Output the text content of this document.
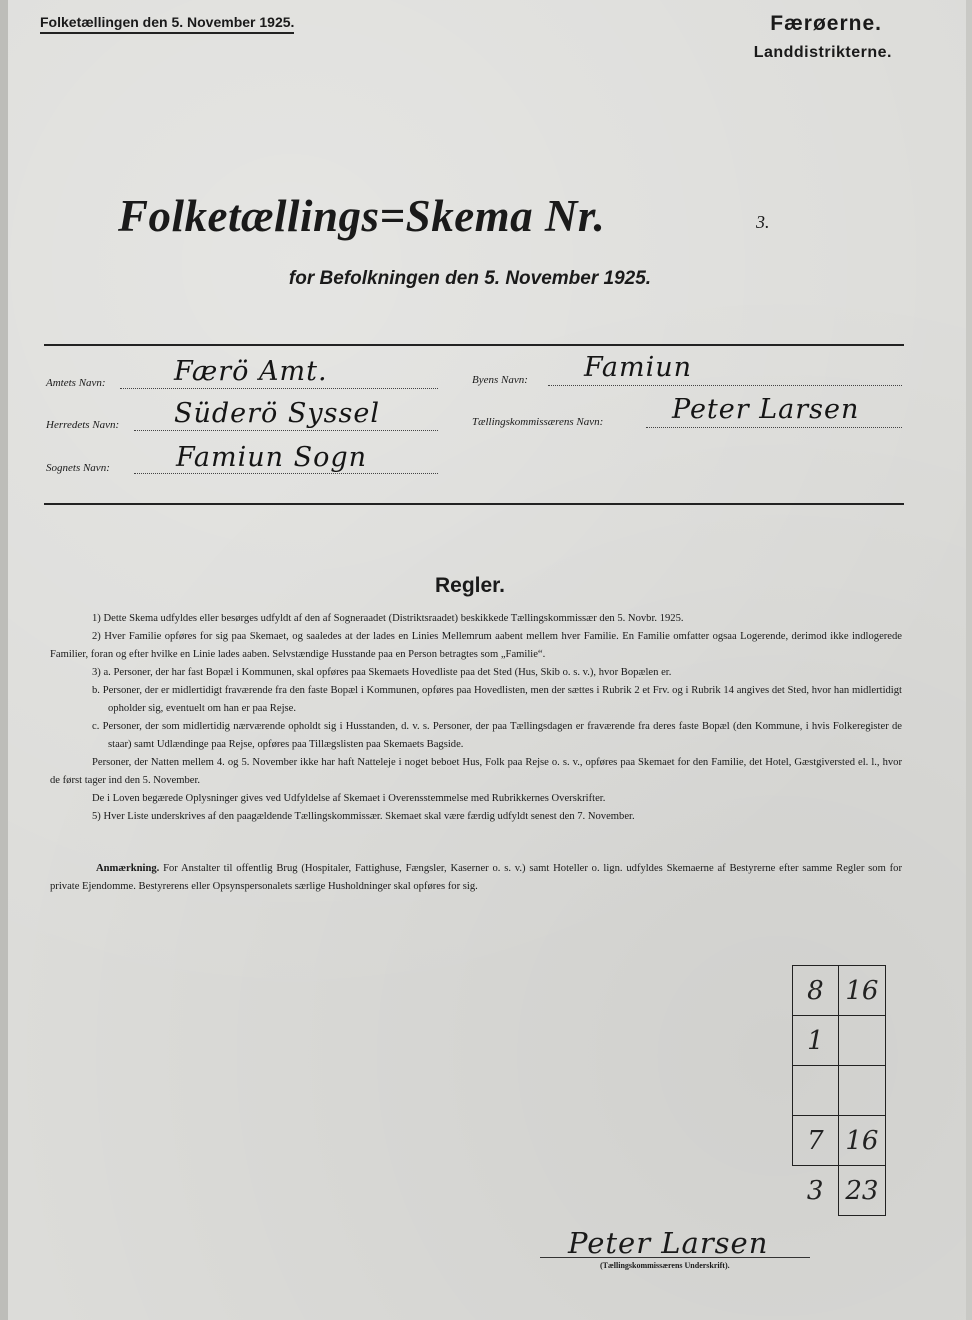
Folketællingen den 5. November 1925.	Færøerne.
Landdistrikterne.
Folketællings=Skema Nr.	3.
for Befolkningen den 5. November 1925.
Amtets Navn:	Færö Amt.
Herredets Navn: Süderö Syssel
Sognets Navn: Famiun Sogn
Byens Navn: Famiun
Tællingskommissærens Navn:	Peter Larsen
Regler.

1) Dette Skema udfyldes eller besørges udfyldt af den af Sogneraadet (Distriktsraadet) beskikkede Tællingskommissær den 5. Novbr. 1925.

2) Hver Familie opføres for sig paa Skemaet, og saaledes at der lades en Linies Mellemrum aabent mellem hver Familie. En Familie omfatter ogsaa Logerende, derimod ikke indlogerede Familier, foran og efter hvilke en Linie lades aaben. Selvstændige Husstande paa en Person betragtes som „Familie“.

3) a. Personer, der har fast Bopæl i Kommunen, skal opføres paa Skemaets Hovedliste paa det Sted (Hus, Skib o. s. v.), hvor Bopælen er.

b. Personer, der er midlertidigt fraværende fra den faste Bopæl i Kommunen, opføres paa Hovedlisten, men der sættes i Rubrik 2 et Frv. og i Rubrik 14 angives det Sted, hvor han midlertidigt opholder sig, eventuelt om han er paa Rejse.

c. Personer, der som midlertidig nærværende opholdt sig i Husstanden, d. v. s. Personer, der paa Tællingsdagen er fraværende fra deres faste Bopæl (den Kommune, i hvis Folkeregister de staar) samt Udlændinge paa Rejse, opføres paa Tillægslisten paa Skemaets Bagside.

Personer, der Natten mellem 4. og 5. November ikke har haft Natteleje i noget beboet Hus, Folk paa Rejse o. s. v., opføres paa Skemaet for den Familie, det Hotel, Gæstgiversted el. l., hvor de først tager ind den 5. November.

De i Loven begærede Oplysninger gives ved Udfyldelse af Skemaet i Overensstemmelse med Rubrikkernes Overskrifter.

5) Hver Liste underskrives af den paagældende Tællingskommissær. Skemaet skal være færdig udfyldt senest den 7. November.

Anmærkning. For Anstalter til offentlig Brug (Hospitaler, Fattighuse, Fængsler, Kaserner o. s. v.) samt Hoteller o. lign. udfyldes Skemaerne af Bestyrerne efter samme Regler som for private Ejendomme. Bestyrerens eller Opsynspersonalets særlige Husholdninger skal opføres for sig.
8	16
1	

7	16
3	23
Peter Larsen
(Tællingskommissærens Underskrift).
